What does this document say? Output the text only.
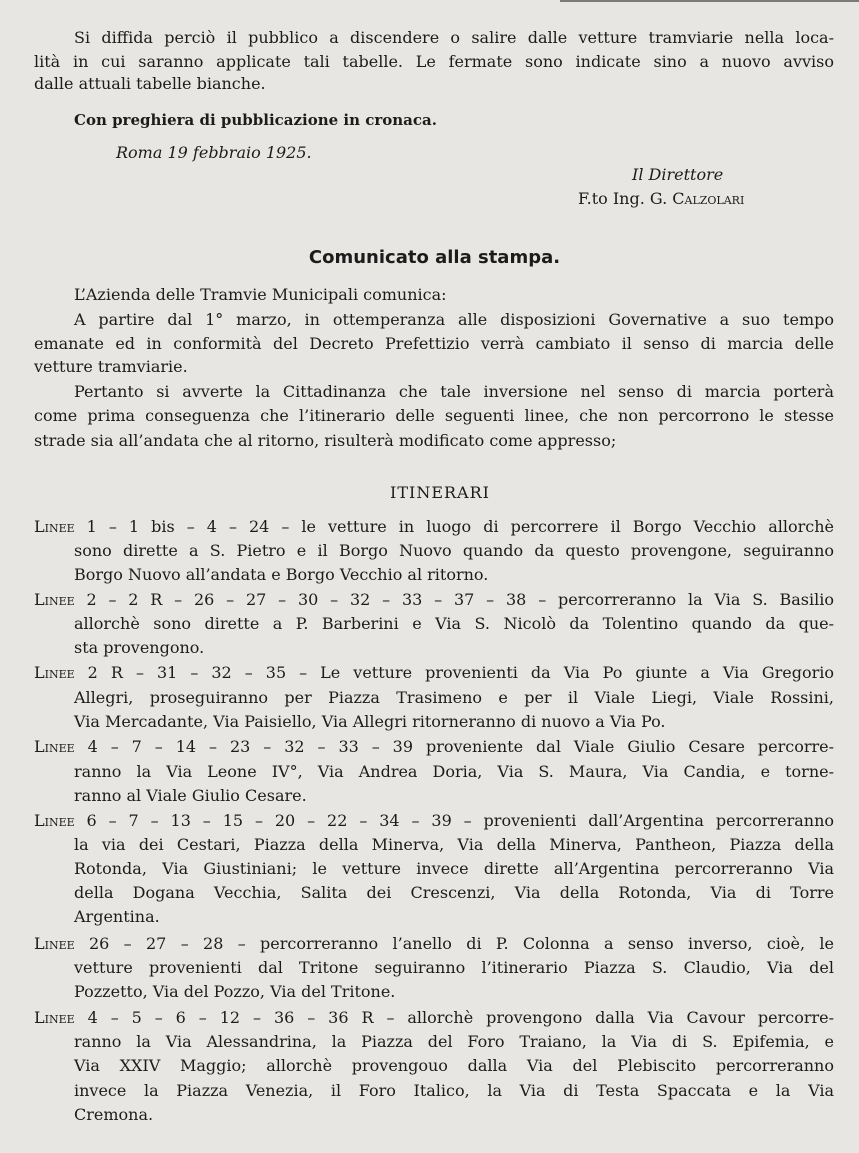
Si diffida perciò il pubblico a discendere o salire dalle vetture tramviarie nella loca-
lità in cui saranno applicate tali tabelle. Le fermate sono indicate sino a nuovo avviso
dalle attuali tabelle bianche.
Con preghiera di pubblicazione in cronaca.
Roma 19 febbraio 1925.
Il Direttore
F.to Ing. G. Calzolari
Comunicato alla stampa.
L’Azienda delle Tramvie Municipali comunica:
A partire dal 1° marzo, in ottemperanza alle disposizioni Governative a suo tempo
emanate ed in conformità del Decreto Prefettizio verrà cambiato il senso di marcia delle
vetture tramviarie.
Pertanto si avverte la Cittadinanza che tale inversione nel senso di marcia porterà
come prima conseguenza che l’itinerario delle seguenti linee, che non percorrono le stesse
strade sia all’andata che al ritorno, risulterà modificato come appresso;
ITINERARI
Linee 1 – 1 bis – 4 – 24 – le vetture in luogo di percorrere il Borgo Vecchio allorchè
sono dirette a S. Pietro e il Borgo Nuovo quando da questo provengone, seguiranno
Borgo Nuovo all’andata e Borgo Vecchio al ritorno.
Linee 2 – 2 R – 26 – 27 – 30 – 32 – 33 – 37 – 38 – percorreranno la Via S. Basilio
allorchè sono dirette a P. Barberini e Via S. Nicolò da Tolentino quando da que-
sta provengono.
Linee 2 R – 31 – 32 – 35 – Le vetture provenienti da Via Po giunte a Via Gregorio
Allegri, proseguiranno per Piazza Trasimeno e per il Viale Liegi, Viale Rossini,
Via Mercadante, Via Paisiello, Via Allegri ritorneranno di nuovo a Via Po.
Linee 4 – 7 – 14 – 23 – 32 – 33 – 39 proveniente dal Viale Giulio Cesare percorre-
ranno la Via Leone IV°, Via Andrea Doria, Via S. Maura, Via Candia, e torne-
ranno al Viale Giulio Cesare.
Linee 6 – 7 – 13 – 15 – 20 – 22 – 34 – 39 – provenienti dall’Argentina percorreranno
la via dei Cestari, Piazza della Minerva, Via della Minerva, Pantheon, Piazza della
Rotonda, Via Giustiniani; le vetture invece dirette all’Argentina percorreranno Via
della Dogana Vecchia, Salita dei Crescenzi, Via della Rotonda, Via di Torre
Argentina.
Linee 26 – 27 – 28 – percorreranno l’anello di P. Colonna a senso inverso, cioè, le
vetture provenienti dal Tritone seguiranno l’itinerario Piazza S. Claudio, Via del
Pozzetto, Via del Pozzo, Via del Tritone.
Linee 4 – 5 – 6 – 12 – 36 – 36 R – allorchè provengono dalla Via Cavour percorre-
ranno la Via Alessandrina, la Piazza del Foro Traiano, la Via di S. Epifemia, e
Via XXIV Maggio; allorchè provengouo dalla Via del Plebiscito percorreranno
invece la Piazza Venezia, il Foro Italico, la Via di Testa Spaccata e la Via
Cremona.
